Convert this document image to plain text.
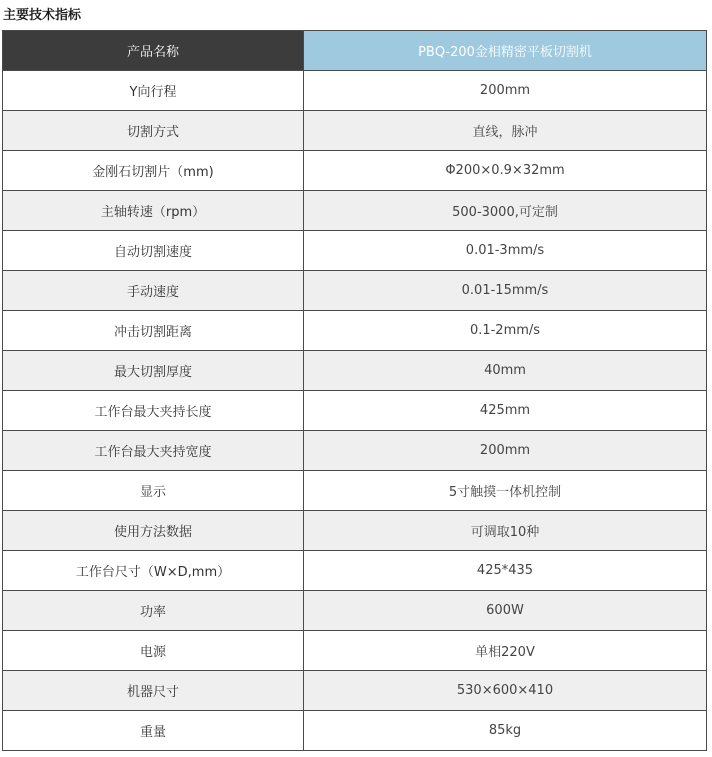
主要技术指标
产品名称	PBQ-200金相精密平板切割机
Y向行程	200mm
切割方式	直线，脉冲
金刚石切割片（mm)	Φ200×0.9×32mm
主轴转速（rpm）	500-3000,可定制
自动切割速度	0.01-3mm/s
手动速度	0.01-15mm/s
冲击切割距离	0.1-2mm/s
最大切割厚度	40mm
工作台最大夹持长度	425mm
工作台最大夹持宽度	200mm
显示	5寸触摸一体机控制
使用方法数据	可调取10种
工作台尺寸（W×D,mm）	425*435
功率	600W
电源	单相220V
机器尺寸	530×600×410
重量	85kg
